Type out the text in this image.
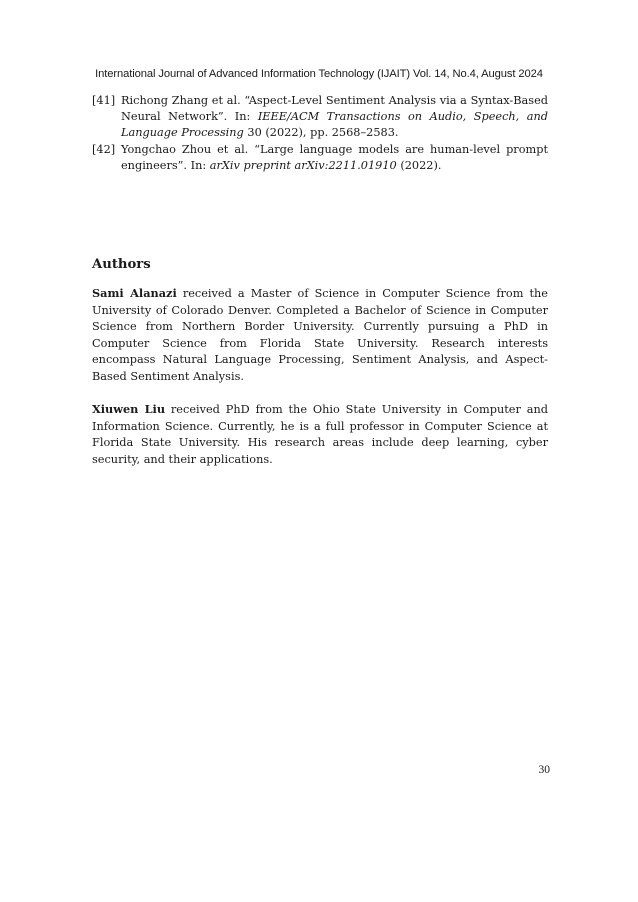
International Journal of Advanced Information Technology (IJAIT) Vol. 14, No.4, August 2024
[41] Richong Zhang et al. “Aspect-Level Sentiment Analysis via a Syntax-Based Neural Network”. In: IEEE/ACM Transactions on Audio, Speech, and Language Processing 30 (2022), pp. 2568–2583.
[42] Yongchao Zhou et al. “Large language models are human-level prompt engineers”. In: arXiv preprint arXiv:2211.01910 (2022).
Authors

Sami Alanazi received a Master of Science in Computer Science from the University of Colorado Denver. Completed a Bachelor of Science in Computer Science from Northern Border University. Currently pursuing a PhD in Computer Science from Florida State University. Research interests encompass Natural Language Processing, Sentiment Analysis, and Aspect-Based Sentiment Analysis.

Xiuwen Liu received PhD from the Ohio State University in Computer and Information Science. Currently, he is a full professor in Computer Science at Florida State University. His research areas include deep learning, cyber security, and their applications.

30
